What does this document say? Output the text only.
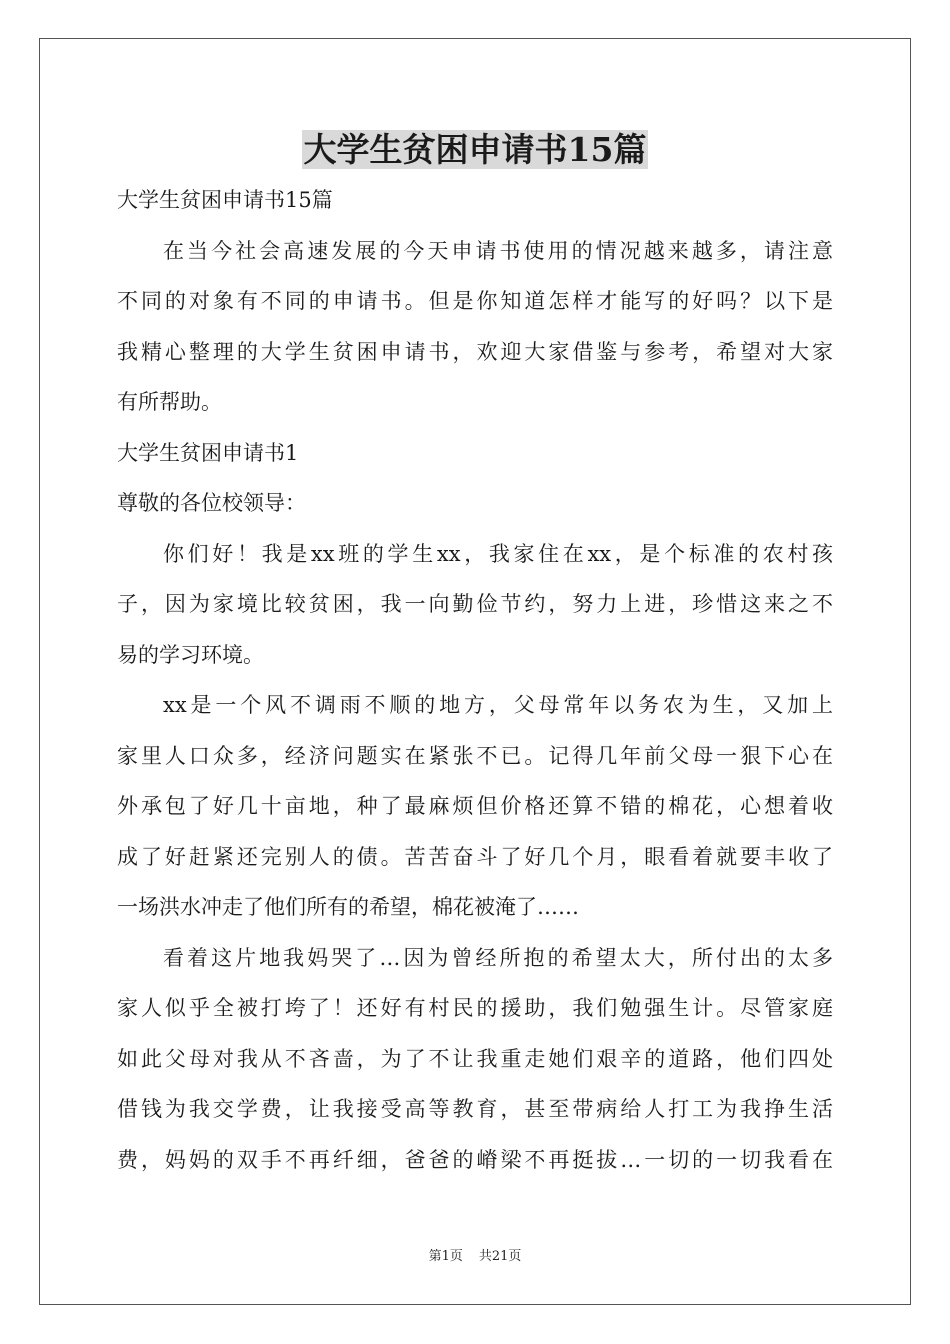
大学生贫困申请书15篇
大学生贫困申请书15篇
在当今社会高速发展的今天申请书使用的情况越来越多，请注意
不同的对象有不同的申请书。但是你知道怎样才能写的好吗？以下是
我精心整理的大学生贫困申请书，欢迎大家借鉴与参考，希望对大家
有所帮助。
大学生贫困申请书1
尊敬的各位校领导：
你们好！我是xx班的学生xx，我家住在xx，是个标准的农村孩
子，因为家境比较贫困，我一向勤俭节约，努力上进，珍惜这来之不
易的学习环境。
xx是一个风不调雨不顺的地方，父母常年以务农为生，又加上
家里人口众多，经济问题实在紧张不已。记得几年前父母一狠下心在
外承包了好几十亩地，种了最麻烦但价格还算不错的棉花，心想着收
成了好赶紧还完别人的债。苦苦奋斗了好几个月，眼看着就要丰收了
一场洪水冲走了他们所有的希望，棉花被淹了……
看着这片地我妈哭了…因为曾经所抱的希望太大，所付出的太多
家人似乎全被打垮了！还好有村民的援助，我们勉强生计。尽管家庭
如此父母对我从不吝啬，为了不让我重走她们艰辛的道路，他们四处
借钱为我交学费，让我接受高等教育，甚至带病给人打工为我挣生活
费，妈妈的双手不再纤细，爸爸的嵴梁不再挺拔…一切的一切我看在
第1页 共21页
